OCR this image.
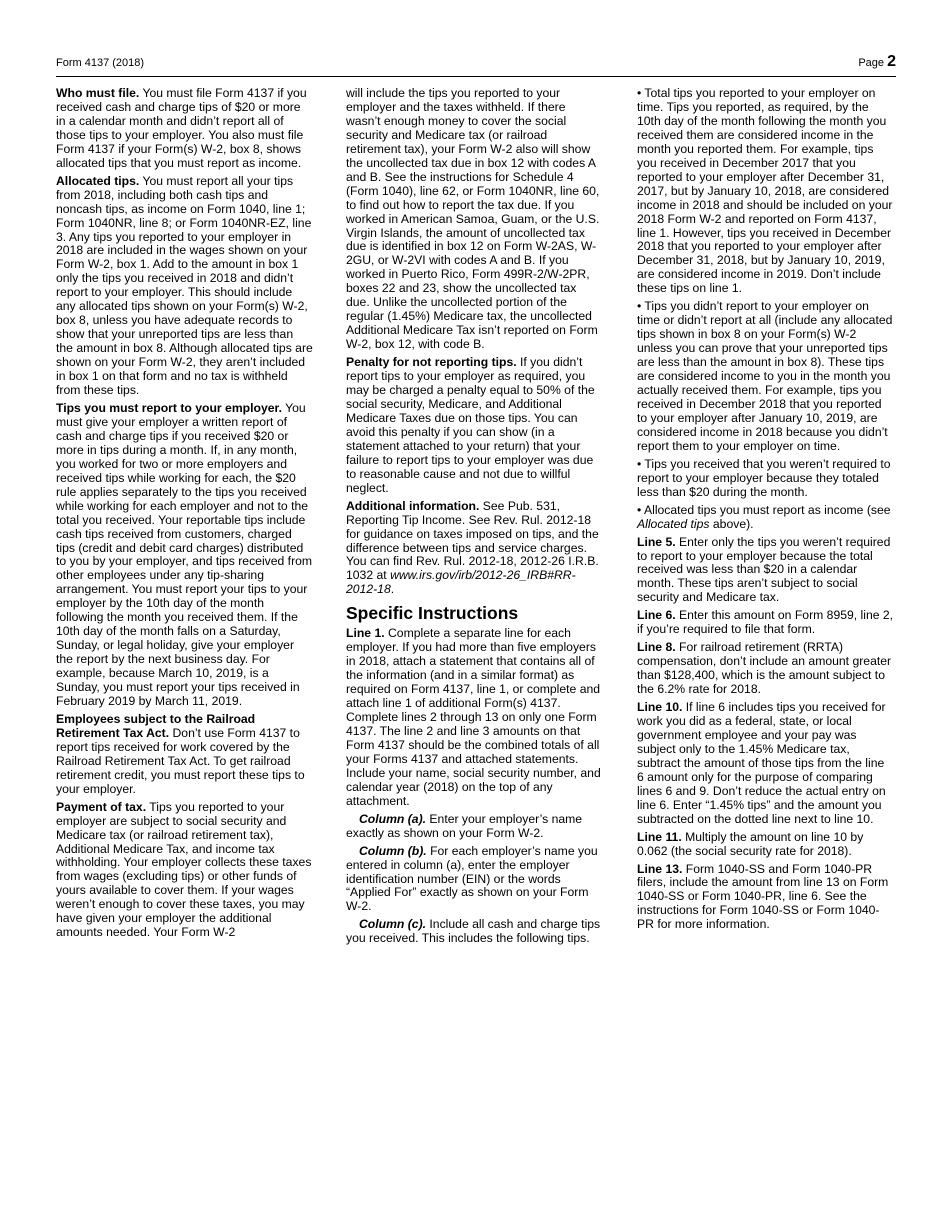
Form 4137 (2018)	Page 2

Who must file. You must file Form 4137 if you received cash and charge tips of $20 or more in a calendar month and didn’t report all of those tips to your employer. You also must file Form 4137 if your Form(s) W-2, box 8, shows allocated tips that you must report as income.

Allocated tips. You must report all your tips from 2018, including both cash tips and noncash tips, as income on Form 1040, line 1; Form 1040NR, line 8; or Form 1040NR-EZ, line 3. Any tips you reported to your employer in 2018 are included in the wages shown on your Form W-2, box 1. Add to the amount in box 1 only the tips you received in 2018 and didn’t report to your employer. This should include any allocated tips shown on your Form(s) W-2, box 8, unless you have adequate records to show that your unreported tips are less than the amount in box 8. Although allocated tips are shown on your Form W-2, they aren’t included in box 1 on that form and no tax is withheld from these tips.

Tips you must report to your employer. You must give your employer a written report of cash and charge tips if you received $20 or more in tips during a month. If, in any month, you worked for two or more employers and received tips while working for each, the $20 rule applies separately to the tips you received while working for each employer and not to the total you received. Your reportable tips include cash tips received from customers, charged tips (credit and debit card charges) distributed to you by your employer, and tips received from other employees under any tip-sharing arrangement. You must report your tips to your employer by the 10th day of the month following the month you received them. If the 10th day of the month falls on a Saturday, Sunday, or legal holiday, give your employer the report by the next business day. For example, because March 10, 2019, is a Sunday, you must report your tips received in February 2019 by March 11, 2019.

Employees subject to the Railroad Retirement Tax Act. Don’t use Form 4137 to report tips received for work covered by the Railroad Retirement Tax Act. To get railroad retirement credit, you must report these tips to your employer.

Payment of tax. Tips you reported to your employer are subject to social security and Medicare tax (or railroad retirement tax), Additional Medicare Tax, and income tax withholding. Your employer collects these taxes from wages (excluding tips) or other funds of yours available to cover them. If your wages weren’t enough to cover these taxes, you may have given your employer the additional amounts needed. Your Form W-2

will include the tips you reported to your employer and the taxes withheld. If there wasn’t enough money to cover the social security and Medicare tax (or railroad retirement tax), your Form W-2 also will show the uncollected tax due in box 12 with codes A and B. See the instructions for Schedule 4 (Form 1040), line 62, or Form 1040NR, line 60, to find out how to report the tax due. If you worked in American Samoa, Guam, or the U.S. Virgin Islands, the amount of uncollected tax due is identified in box 12 on Form W-2AS, W-2GU, or W-2VI with codes A and B. If you worked in Puerto Rico, Form 499R-2/W-2PR, boxes 22 and 23, show the uncollected tax due. Unlike the uncollected portion of the regular (1.45%) Medicare tax, the uncollected Additional Medicare Tax isn’t reported on Form W-2, box 12, with code B.

Penalty for not reporting tips. If you didn’t report tips to your employer as required, you may be charged a penalty equal to 50% of the social security, Medicare, and Additional Medicare Taxes due on those tips. You can avoid this penalty if you can show (in a statement attached to your return) that your failure to report tips to your employer was due to reasonable cause and not due to willful neglect.

Additional information. See Pub. 531, Reporting Tip Income. See Rev. Rul. 2012-18 for guidance on taxes imposed on tips, and the difference between tips and service charges. You can find Rev. Rul. 2012-18, 2012-26 I.R.B. 1032 at www.irs.gov/irb/2012-26_IRB#RR-2012-18.

Specific Instructions

Line 1. Complete a separate line for each employer. If you had more than five employers in 2018, attach a statement that contains all of the information (and in a similar format) as required on Form 4137, line 1, or complete and attach line 1 of additional Form(s) 4137. Complete lines 2 through 13 on only one Form 4137. The line 2 and line 3 amounts on that Form 4137 should be the combined totals of all your Forms 4137 and attached statements. Include your name, social security number, and calendar year (2018) on the top of any attachment.

Column (a). Enter your employer’s name exactly as shown on your Form W-2.

Column (b). For each employer’s name you entered in column (a), enter the employer identification number (EIN) or the words “Applied For” exactly as shown on your Form W-2.

Column (c). Include all cash and charge tips you received. This includes the following tips.

• Total tips you reported to your employer on time. Tips you reported, as required, by the 10th day of the month following the month you received them are considered income in the month you reported them. For example, tips you received in December 2017 that you reported to your employer after December 31, 2017, but by January 10, 2018, are considered income in 2018 and should be included on your 2018 Form W-2 and reported on Form 4137, line 1. However, tips you received in December 2018 that you reported to your employer after December 31, 2018, but by January 10, 2019, are considered income in 2019. Don’t include these tips on line 1.

• Tips you didn’t report to your employer on time or didn’t report at all (include any allocated tips shown in box 8 on your Form(s) W-2 unless you can prove that your unreported tips are less than the amount in box 8). These tips are considered income to you in the month you actually received them. For example, tips you received in December 2018 that you reported to your employer after January 10, 2019, are considered income in 2018 because you didn’t report them to your employer on time.

• Tips you received that you weren’t required to report to your employer because they totaled less than $20 during the month.

• Allocated tips you must report as income (see Allocated tips above).

Line 5. Enter only the tips you weren’t required to report to your employer because the total received was less than $20 in a calendar month. These tips aren’t subject to social security and Medicare tax.

Line 6. Enter this amount on Form 8959, line 2, if you’re required to file that form.

Line 8. For railroad retirement (RRTA) compensation, don’t include an amount greater than $128,400, which is the amount subject to the 6.2% rate for 2018.

Line 10. If line 6 includes tips you received for work you did as a federal, state, or local government employee and your pay was subject only to the 1.45% Medicare tax, subtract the amount of those tips from the line 6 amount only for the purpose of comparing lines 6 and 9. Don’t reduce the actual entry on line 6. Enter “1.45% tips” and the amount you subtracted on the dotted line next to line 10.

Line 11. Multiply the amount on line 10 by 0.062 (the social security rate for 2018).

Line 13. Form 1040-SS and Form 1040-PR filers, include the amount from line 13 on Form 1040-SS or Form 1040-PR, line 6. See the instructions for Form 1040-SS or Form 1040-PR for more information.
